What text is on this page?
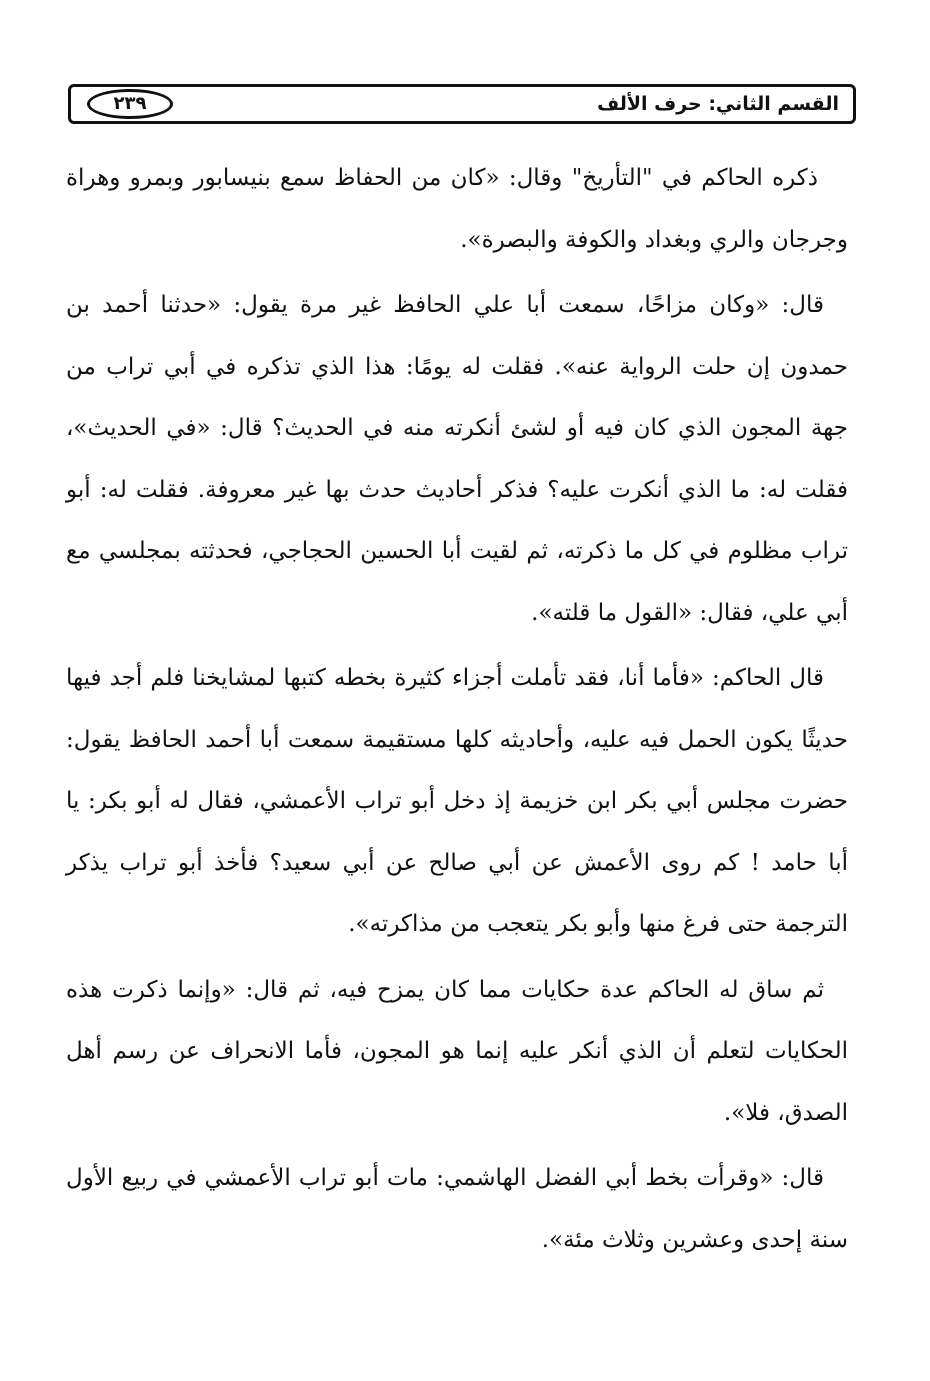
القسم الثاني: حرف الألف
٢٣٩

ذكره الحاكم في "التأريخ" وقال: «كان من الحفاظ سمع بنيسابور وبمرو وهراة وجرجان والري وبغداد والكوفة والبصرة».

قال: «وكان مزاحًا، سمعت أبا علي الحافظ غير مرة يقول: «حدثنا أحمد بن حمدون إن حلت الرواية عنه». فقلت له يومًا: هذا الذي تذكره في أبي تراب من جهة المجون الذي كان فيه أو لشئ أنكرته منه في الحديث؟ قال: «في الحديث»، فقلت له: ما الذي أنكرت عليه؟ فذكر أحاديث حدث بها غير معروفة. فقلت له: أبو تراب مظلوم في كل ما ذكرته، ثم لقيت أبا الحسين الحجاجي، فحدثته بمجلسي مع أبي علي، فقال: «القول ما قلته».

قال الحاكم: «فأما أنا، فقد تأملت أجزاء كثيرة بخطه كتبها لمشايخنا فلم أجد فيها حديثًا يكون الحمل فيه عليه، وأحاديثه كلها مستقيمة سمعت أبا أحمد الحافظ يقول: حضرت مجلس أبي بكر ابن خزيمة إذ دخل أبو تراب الأعمشي، فقال له أبو بكر: يا أبا حامد ! كم روى الأعمش عن أبي صالح عن أبي سعيد؟ فأخذ أبو تراب يذكر الترجمة حتى فرغ منها وأبو بكر يتعجب من مذاكرته».

ثم ساق له الحاكم عدة حكايات مما كان يمزح فيه، ثم قال: «وإنما ذكرت هذه الحكايات لتعلم أن الذي أنكر عليه إنما هو المجون، فأما الانحراف عن رسم أهل الصدق، فلا».

قال: «وقرأت بخط أبي الفضل الهاشمي: مات أبو تراب الأعمشي في ربيع الأول سنة إحدى وعشرين وثلاث مئة».
